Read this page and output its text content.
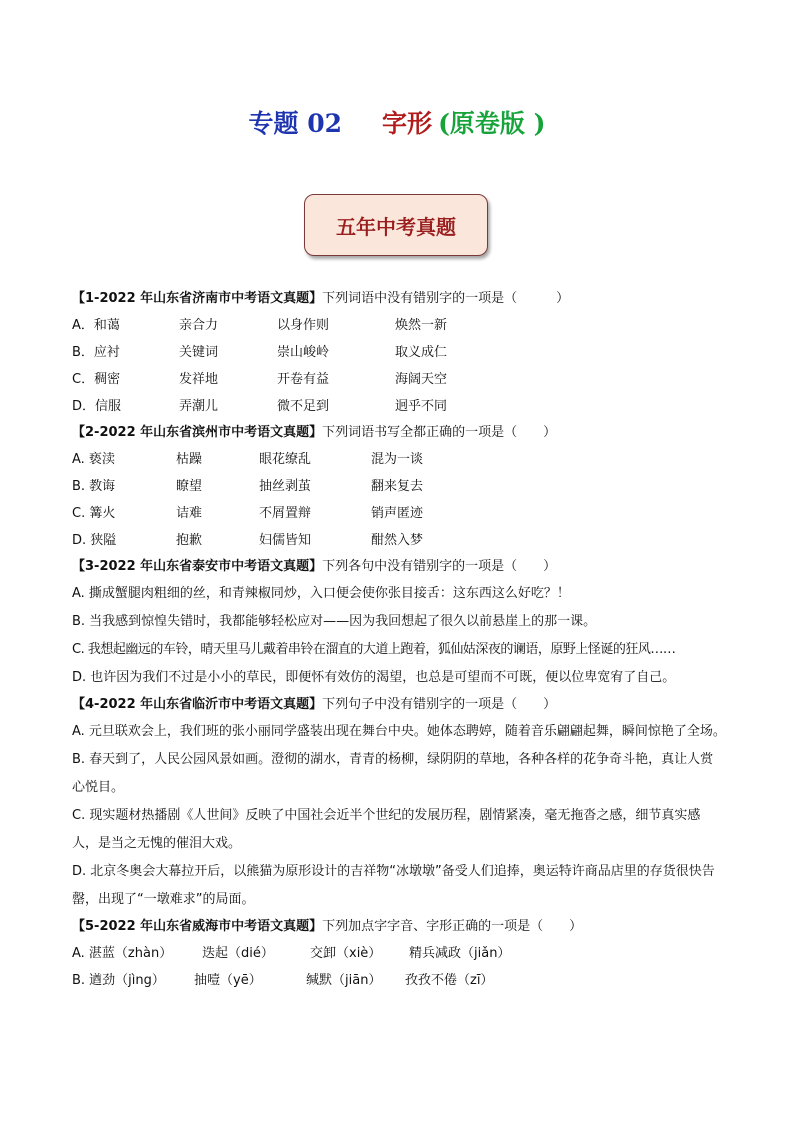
专题 02 字形 (原卷版 )
五年中考真题
【1-2022 年山东省济南市中考语文真题】下列词语中没有错别字的一项是（　　　）
A．和蔼	亲合力	以身作则	焕然一新
B．应衬	关键词	崇山峻岭	取义成仁
C．稠密	发祥地	开卷有益	海阔天空
D．信服	弄潮儿	微不足到	迥乎不同
【2-2022 年山东省滨州市中考语文真题】下列词语书写全都正确的一项是（　　）
A. 亵渎	枯躁	眼花缭乱	混为一谈
B. 教诲	瞭望	抽丝剥茧	翻来复去
C. 篝火	诘难	不屑置辩	销声匿迹
D. 狭隘	抱歉	妇儒皆知	酣然入梦
【3-2022 年山东省泰安市中考语文真题】下列各句中没有错别字的一项是（　　）
A. 撕成蟹腿肉粗细的丝，和青辣椒同炒，入口便会使你张目接舌：这东西这么好吃？！
B. 当我感到惊惶失错时，我都能够轻松应对——因为我回想起了很久以前悬崖上的那一课。
C. 我想起幽远的车铃，晴天里马儿戴着串铃在溜直的大道上跑着，狐仙姑深夜的谰语，原野上怪诞的狂风……
D. 也许因为我们不过是小小的草民，即便怀有效仿的渴望，也总是可望而不可既，便以位卑宽宥了自己。
【4-2022 年山东省临沂市中考语文真题】下列句子中没有错别字的一项是（　　）
A. 元旦联欢会上，我们班的张小丽同学盛装出现在舞台中央。她体态聘婷，随着音乐翩翩起舞，瞬间惊艳了全场。
B. 春天到了，人民公园风景如画。澄彻的湖水，青青的杨柳，绿阴阴的草地，各种各样的花争奇斗艳，真让人赏心悦目。
C. 现实题材热播剧《人世间》反映了中国社会近半个世纪的发展历程，剧情紧凑，毫无拖沓之感，细节真实感人，是当之无愧的催泪大戏。
D. 北京冬奥会大幕拉开后，以熊猫为原形设计的吉祥物“冰墩墩”备受人们追捧，奥运特许商品店里的存货很快告罄，出现了“一墩难求”的局面。
【5-2022 年山东省威海市中考语文真题】下列加点字字音、字形正确的一项是（　　）
A. 湛蓝（zhàn） 迭起（dié）	交卸（xiè） 精兵减政（jiǎn）
B. 遒劲（jìng） 抽噎（yē）	缄默（jiān） 孜孜不倦（zī）
